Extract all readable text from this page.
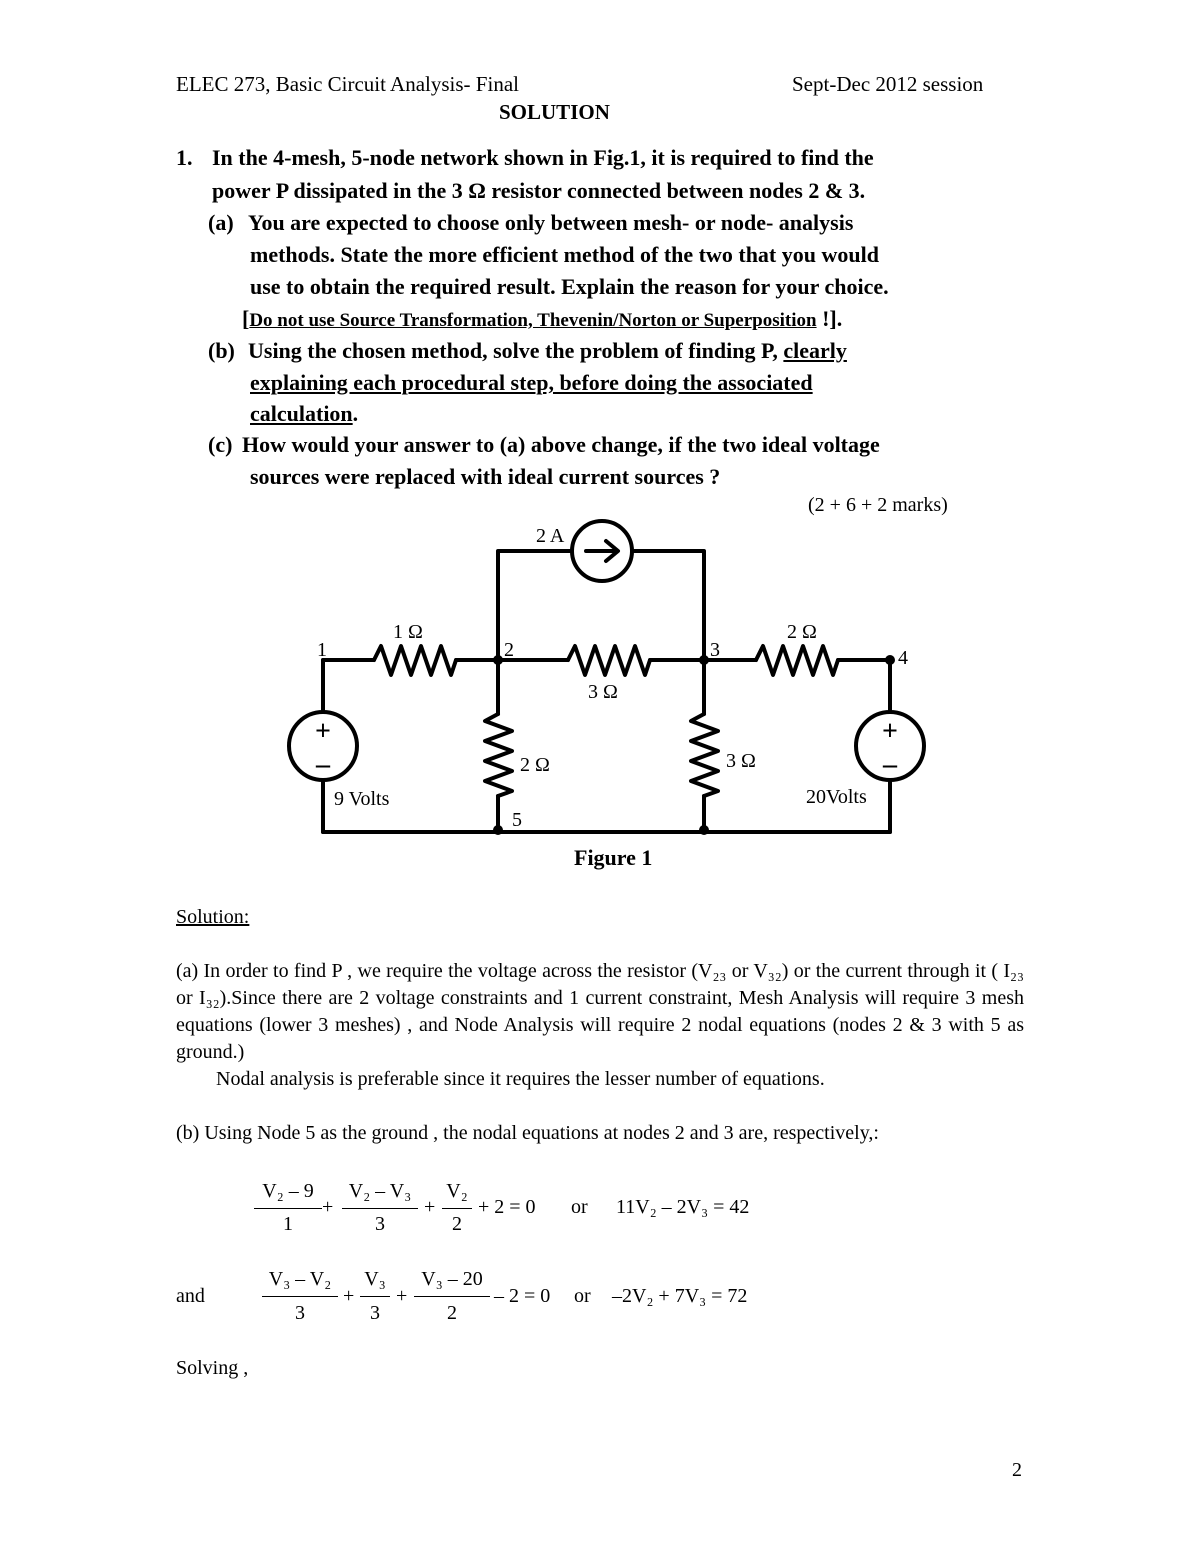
ELEC 273, Basic Circuit Analysis- Final	Sept-Dec 2012 session
SOLUTION
1. In the 4-mesh, 5-node network shown in Fig.1, it is required to find the
power P dissipated in the 3 Ω resistor connected between nodes 2 & 3.
(a) You are expected to choose only between mesh- or node- analysis
methods. State the more efficient method of the two that you would
use to obtain the required result. Explain the reason for your choice.
[Do not use Source Transformation, Thevenin/Norton or Superposition !].
(b) Using the chosen method, solve the problem of finding P, clearly
explaining each procedural step, before doing the associated
calculation.
(c) How would your answer to (a) above change, if the two ideal voltage
sources were replaced with ideal current sources ?
(2 + 6 + 2 marks)
2 A
1 Ω	2 Ω
3 Ω
2 Ω	3 Ω
1	2	3	4
5
9 Volts	20Volts
+
–
+
–
Figure 1
Solution:
(a) In order to find P , we require the voltage across the resistor (V₂₃ or V₃₂) or the current through it ( I₂₃ or I₃₂).Since there are 2 voltage constraints and 1 current constraint, Mesh Analysis will require 3 mesh equations (lower 3 meshes) , and Node Analysis will require 2 nodal equations (nodes 2 & 3 with 5 as ground.)
Nodal analysis is preferable since it requires the lesser number of equations.
(b) Using Node 5 as the ground , the nodal equations at nodes 2 and 3 are, respectively,:
V₂ – 9
1
+
V₂ – V₃
3
+
V₂
2
+ 2 = 0 or 11V₂ – 2V₃ = 42
and
V₃ – V₂
3
+
V₃
3
+
V₃ – 20
2
– 2 = 0 or –2V₂ + 7V₃ = 72
Solving ,
2
